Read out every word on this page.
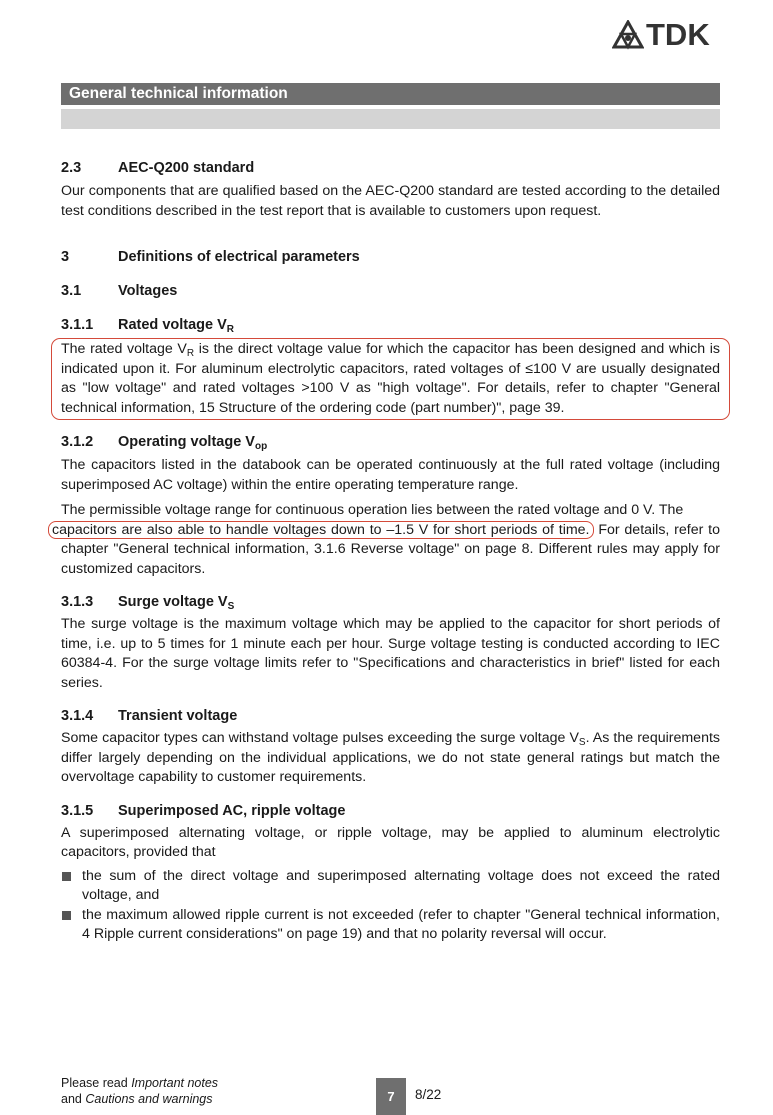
TDK
General technical information
2.3	AEC-Q200 standard

Our components that are qualified based on the AEC-Q200 standard are tested according to the detailed test conditions described in the test report that is available to customers upon request.

3	Definitions of electrical parameters
3.1	Voltages
3.1.1 Rated voltage $V_R$

The rated voltage $V_R$ is the direct voltage value for which the capacitor has been designed and which is indicated upon it. For aluminum electrolytic capacitors, rated voltages of ≤100 V are usually designated as "low voltage" and rated voltages >100 V as "high voltage". For details, refer to chapter "General technical information, 15 Structure of the ordering code (part number)", page 39.

3.1.2 Operating voltage $V_{op}$

The capacitors listed in the databook can be operated continuously at the full rated voltage (including superimposed AC voltage) within the entire operating temperature range.

The permissible voltage range for continuous operation lies between the rated voltage and 0 V. The
capacitors are also able to handle voltages down to –1.5 V for short periods of time. For details, refer to chapter "General technical information, 3.1.6 Reverse voltage" on page 8. Different rules may apply for customized capacitors.

3.1.3 Surge voltage $V_S$

The surge voltage is the maximum voltage which may be applied to the capacitor for short periods of time, i.e. up to 5 times for 1 minute each per hour. Surge voltage testing is conducted according to IEC 60384-4. For the surge voltage limits refer to "Specifications and characteristics in brief" listed for each series.

3.1.4 Transient voltage

Some capacitor types can withstand voltage pulses exceeding the surge voltage $V_S$. As the requirements differ largely depending on the individual applications, we do not state general ratings but match the overvoltage capability to customer requirements.

3.1.5 Superimposed AC, ripple voltage

A superimposed alternating voltage, or ripple voltage, may be applied to aluminum electrolytic capacitors, provided that

the sum of the direct voltage and superimposed alternating voltage does not exceed the rated voltage, and
the maximum allowed ripple current is not exceeded (refer to chapter "General technical information, 4 Ripple current considerations" on page 19) and that no polarity reversal will occur.
Please read Important notes
and Cautions and warnings	7	8/22
